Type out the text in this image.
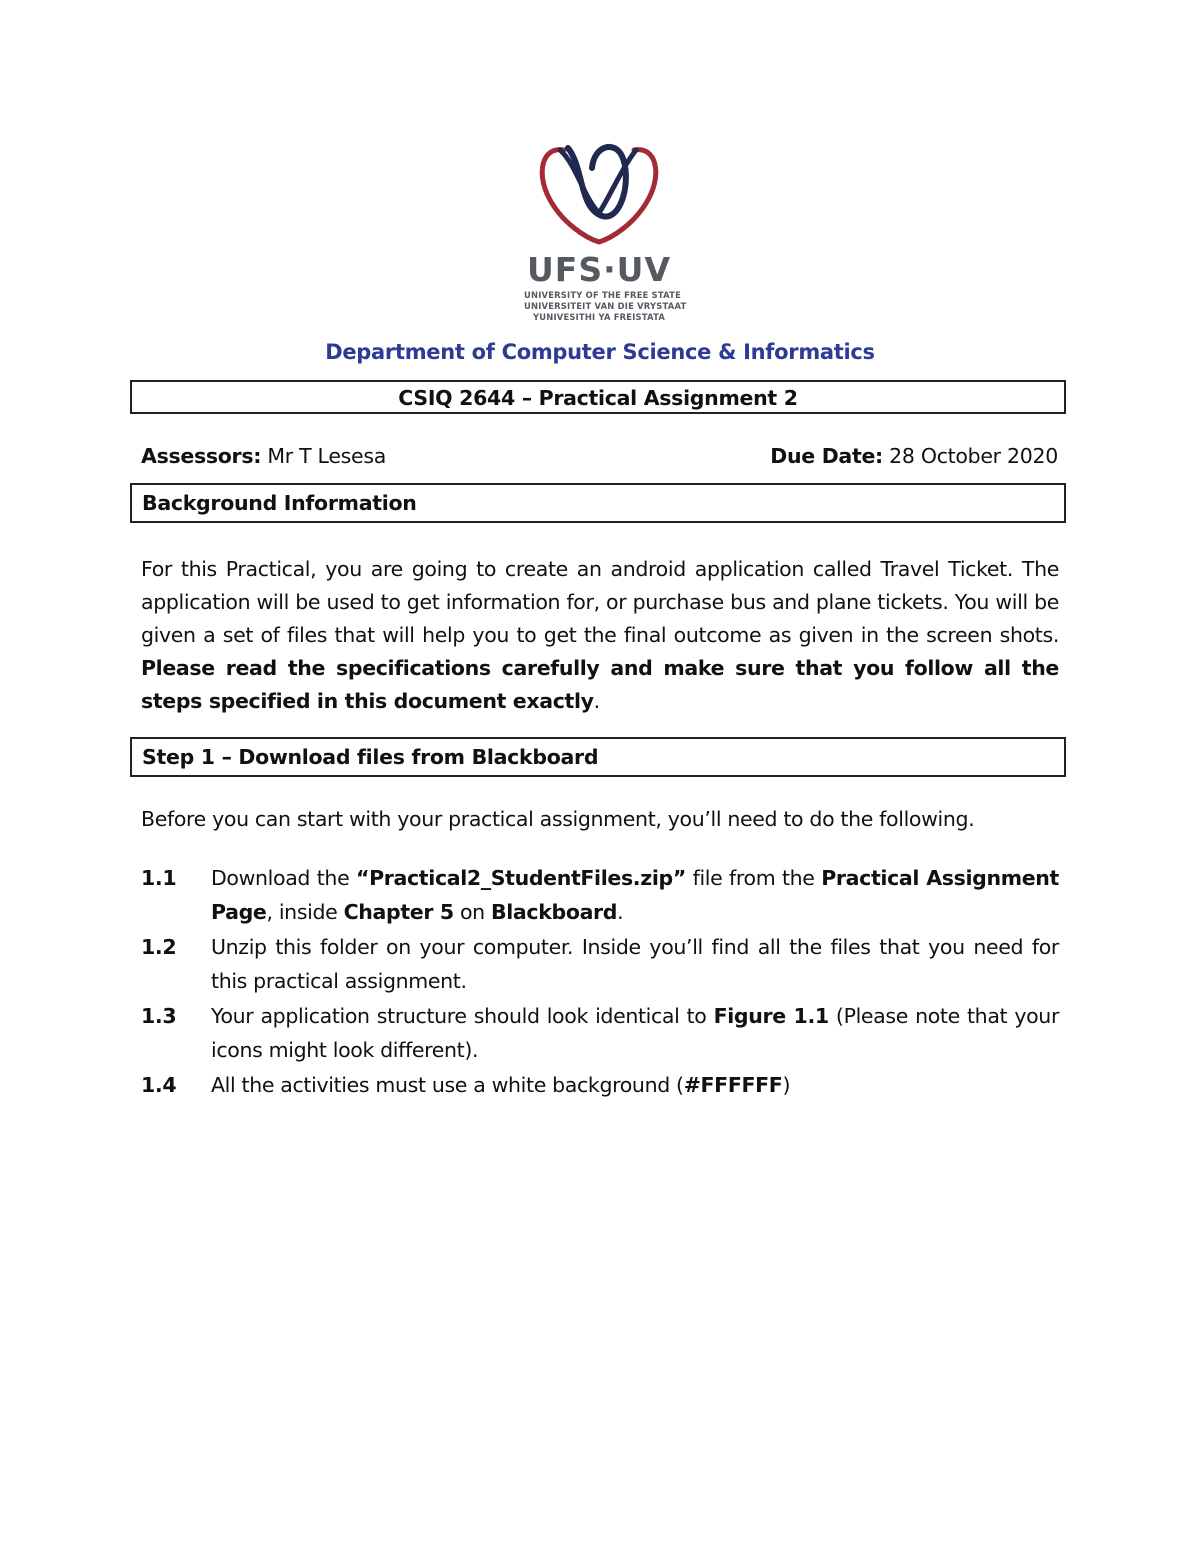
UFS·UV
UNIVERSITY OF THE FREE STATE
UNIVERSITEIT VAN DIE VRYSTAAT
YUNIVESITHI YA FREISTATA
Department of Computer Science & Informatics
CSIQ 2644 – Practical Assignment 2
Assessors: Mr T Lesesa	Due Date: 28 October 2020
Background Information
For this Practical, you are going to create an android application called Travel Ticket. The application will be used to get information for, or purchase bus and plane tickets. You will be given a set of files that will help you to get the final outcome as given in the screen shots. Please read the specifications carefully and make sure that you follow all the steps specified in this document exactly.
Step 1 – Download files from Blackboard
Before you can start with your practical assignment, you’ll need to do the following.
1.1	Download the “Practical2_StudentFiles.zip” file from the Practical Assignment Page, inside Chapter 5 on Blackboard.
1.2	Unzip this folder on your computer. Inside you’ll find all the files that you need for this practical assignment.
1.3	Your application structure should look identical to Figure 1.1 (Please note that your icons might look different).
1.4	All the activities must use a white background (#FFFFFF)
